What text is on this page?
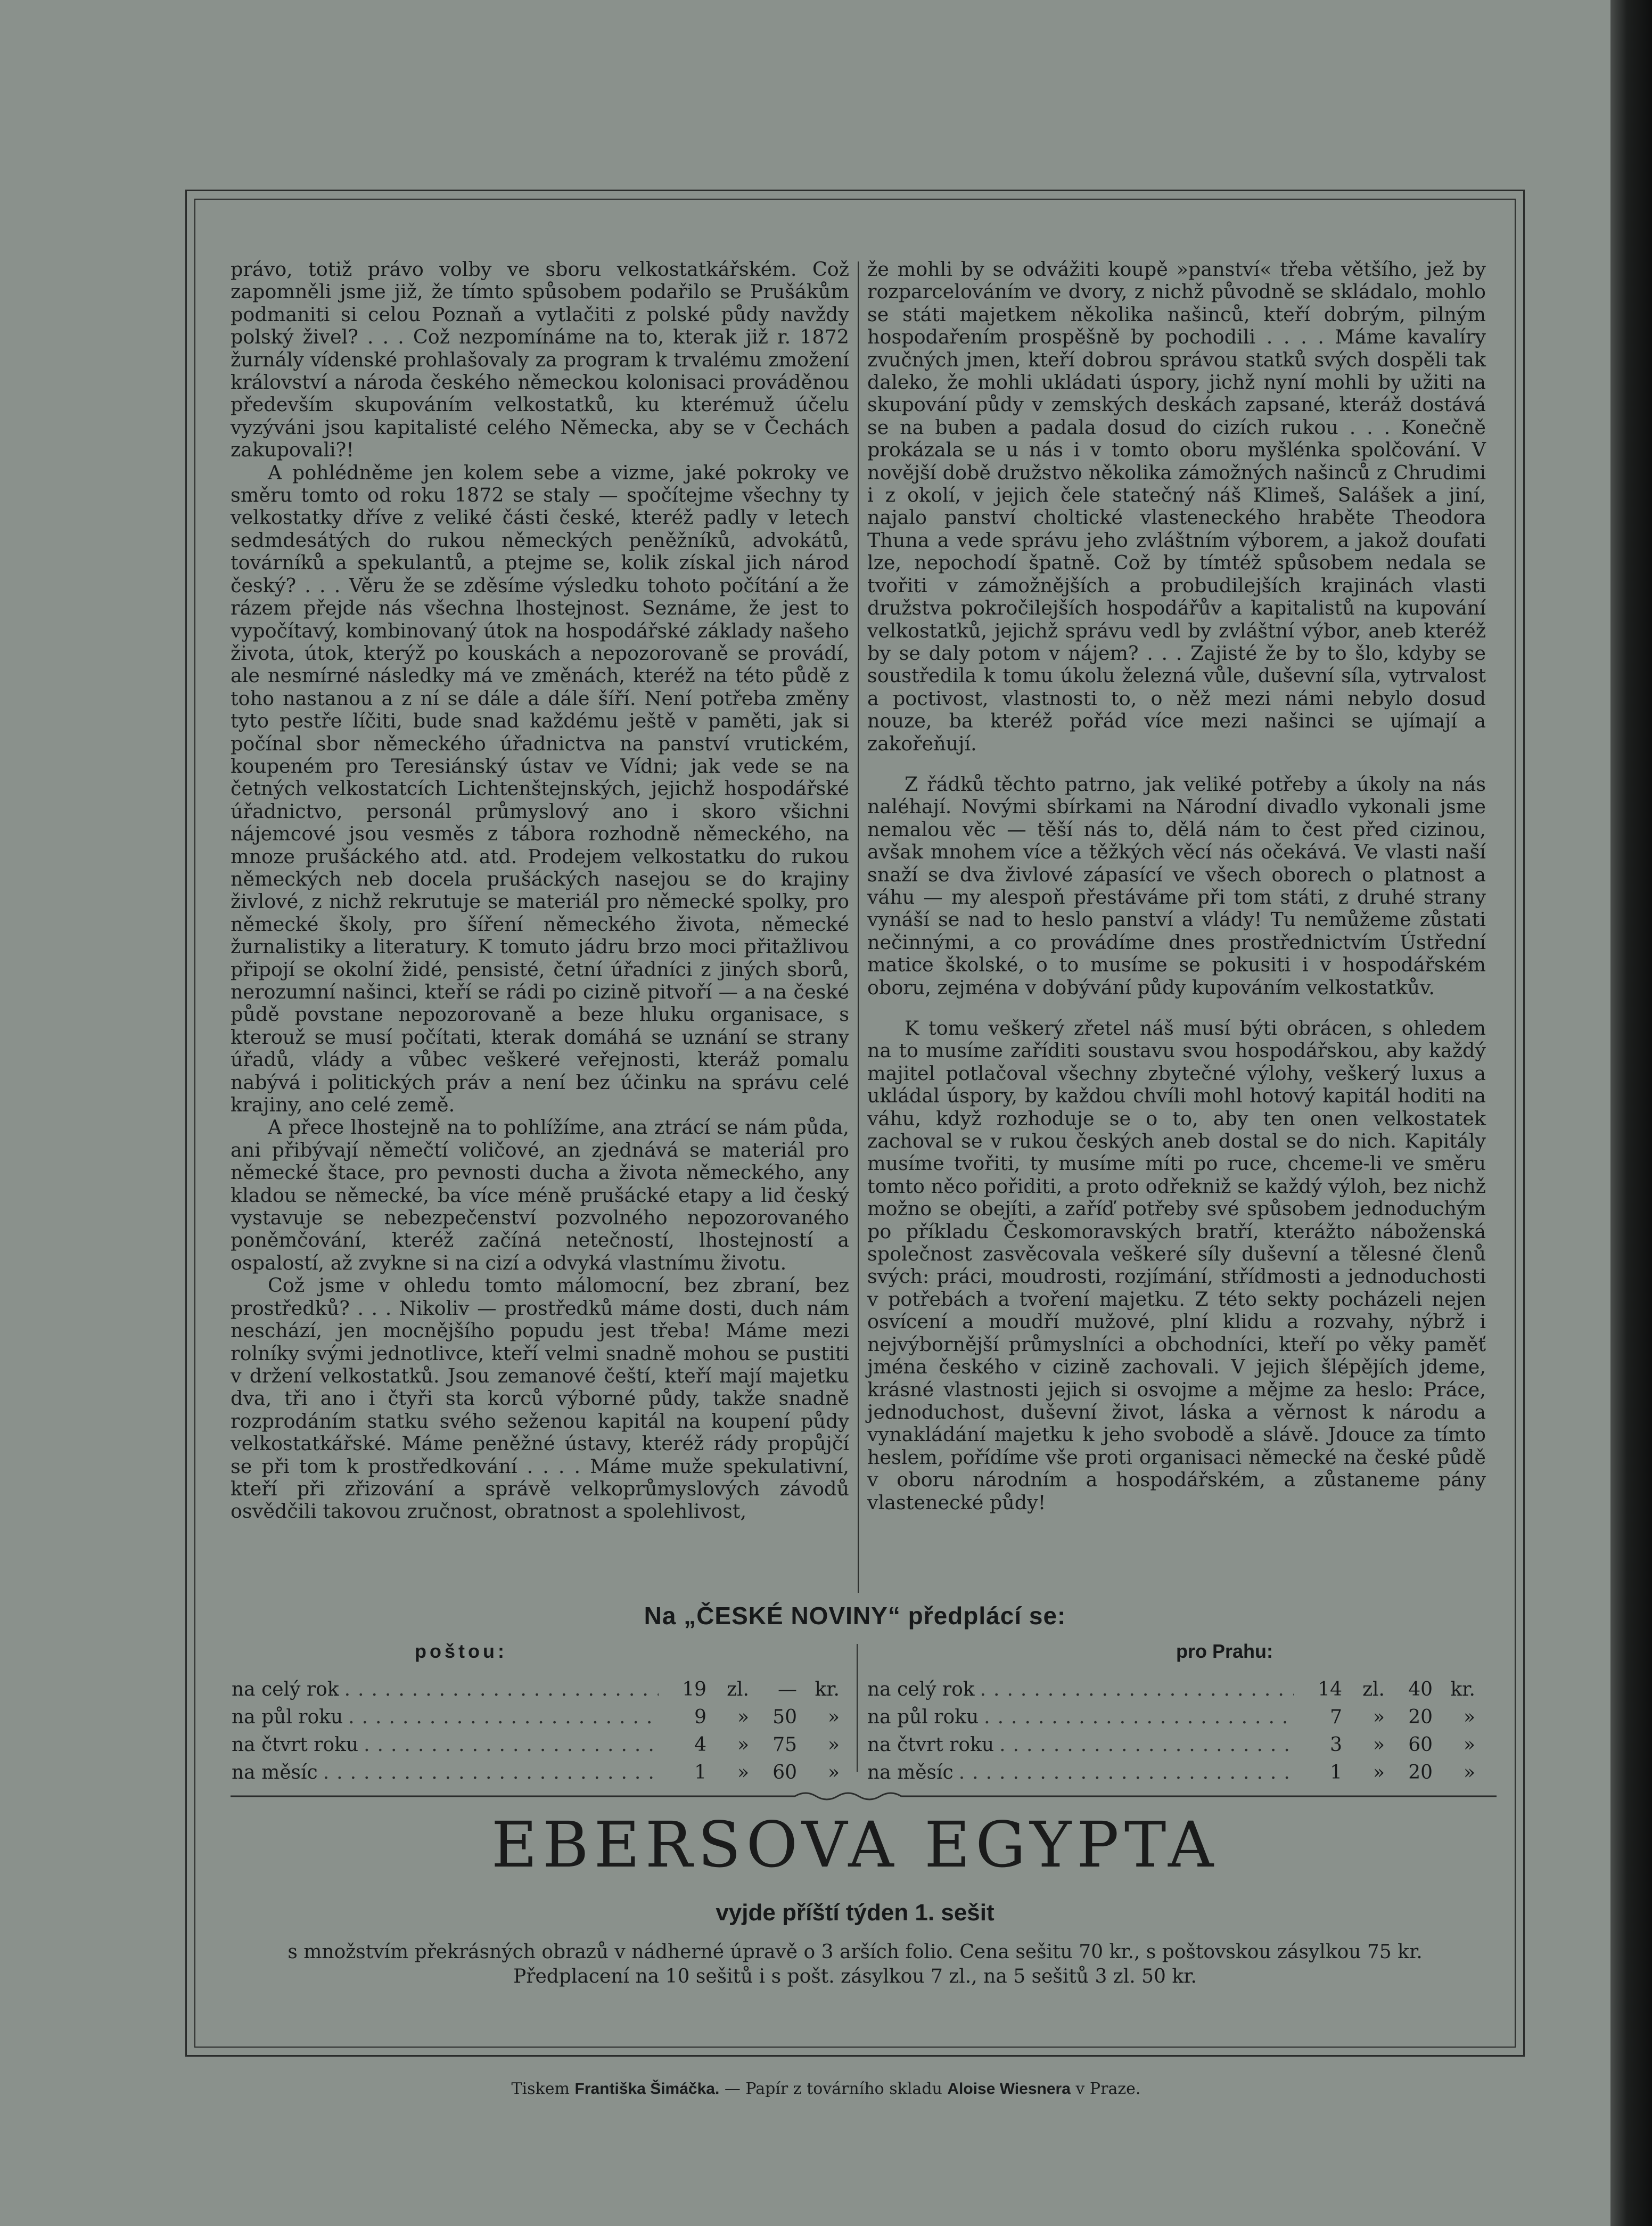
právo, totiž právo volby ve sboru velkostatkářském. Což zapomněli jsme již, že tímto spůsobem podařilo se Prušákům podmaniti si celou Poznaň a vytlačiti z polské půdy navždy polský živel? . . . Což nezpomínáme na to, kterak již r. 1872 žurnály vídenské prohlašovaly za program k trvalému zmožení království a národa českého německou kolonisaci prováděnou především skupováním velkostatků, ku kterémuž účelu vyzýváni jsou kapitalisté celého Německa, aby se v Čechách zakupovali?!

A pohlédněme jen kolem sebe a vizme, jaké pokroky ve směru tomto od roku 1872 se staly — spočítejme všechny ty velkostatky dříve z veliké části české, kteréž padly v letech sedmdesátých do rukou německých peněžníků, advokátů, továrníků a spekulantů, a ptejme se, kolik získal jich národ český? . . . Věru že se zděsíme výsledku tohoto počítání a že rázem přejde nás všechna lhostejnost. Seznáme, že jest to vypočítavý, kombinovaný útok na hospodářské základy našeho života, útok, kterýž po kouskách a nepozorovaně se provádí, ale nesmírné následky má ve změnách, kteréž na této půdě z toho nastanou a z ní se dále a dále šíří. Není potřeba změny tyto pestře líčiti, bude snad každému ještě v paměti, jak si počínal sbor německého úřadnictva na panství vrutickém, koupeném pro Teresiánský ústav ve Vídni; jak vede se na četných velkostatcích Lichtenštejnských, jejichž hospodářské úřadnictvo, personál průmyslový ano i skoro všichni nájemcové jsou vesměs z tábora rozhodně německého, na mnoze prušáckého atd. atd. Prodejem velkostatku do rukou německých neb docela prušáckých nasejou se do krajiny živlové, z nichž rekrutuje se materiál pro německé spolky, pro německé školy, pro šíření německého života, německé žurnalistiky a literatury. K tomuto jádru brzo moci přitažlivou připojí se okolní židé, pensisté, četní úřadníci z jiných sborů, nerozumní našinci, kteří se rádi po cizině pitvoří — a na české půdě povstane nepozorovaně a beze hluku organisace, s kterouž se musí počítati, kterak domáhá se uznání se strany úřadů, vlády a vůbec veškeré veřejnosti, kteráž pomalu nabývá i politických práv a není bez účinku na správu celé krajiny, ano celé země.

A přece lhostejně na to pohlížíme, ana ztrácí se nám půda, ani přibývají němečtí voličové, an zjednává se materiál pro německé štace, pro pevnosti ducha a života německého, any kladou se německé, ba více méně prušácké etapy a lid český vystavuje se nebezpečenství pozvolného nepozorovaného poněmčování, kteréž začíná netečností, lhostejností a ospalostí, až zvykne si na cizí a odvyká vlastnímu životu.

Což jsme v ohledu tomto málomocní, bez zbraní, bez prostředků? . . . Nikoliv — prostředků máme dosti, duch nám neschází, jen mocnějšího popudu jest třeba! Máme mezi rolníky svými jednotlivce, kteří velmi snadně mohou se pustiti v držení velkostatků. Jsou zemanové čeští, kteří mají majetku dva, tři ano i čtyři sta korců výborné půdy, takže snadně rozprodáním statku svého seženou kapitál na koupení půdy velkostatkářské. Máme peněžné ústavy, kteréž rády propůjčí se při tom k prostředkování . . . . Máme muže spekulativní, kteří při zřizování a správě velkoprůmyslových závodů osvědčili takovou zručnost, obratnost a spolehlivost,

že mohli by se odvážiti koupě »panství« třeba většího, jež by rozparcelováním ve dvory, z nichž původně se skládalo, mohlo se státi majetkem několika našinců, kteří dobrým, pilným hospodařením prospěšně by pochodili . . . . Máme kavalíry zvučných jmen, kteří dobrou správou statků svých dospěli tak daleko, že mohli ukládati úspory, jichž nyní mohli by užiti na skupování půdy v zemských deskách zapsané, kteráž dostává se na buben a padala dosud do cizích rukou . . . Konečně prokázala se u nás i v tomto oboru myšlénka spolčování. V novější době družstvo několika zámožných našinců z Chrudimi i z okolí, v jejich čele statečný náš Klimeš, Salášek a jiní, najalo panství choltické vlasteneckého hraběte Theodora Thuna a vede správu jeho zvláštním výborem, a jakož doufati lze, nepochodí špatně. Což by tímtéž spůsobem nedala se tvořiti v zámožnějších a probudilejších krajinách vlasti družstva pokročilejších hospodářův a kapitalistů na kupování velkostatků, jejichž správu vedl by zvláštní výbor, aneb kteréž by se daly potom v nájem? . . . Zajisté že by to šlo, kdyby se soustředila k tomu úkolu železná vůle, duševní síla, vytrvalost a poctivost, vlastnosti to, o něž mezi námi nebylo dosud nouze, ba kteréž pořád více mezi našinci se ujímají a zakořeňují.

Z řádků těchto patrno, jak veliké potřeby a úkoly na nás naléhají. Novými sbírkami na Národní divadlo vykonali jsme nemalou věc — těší nás to, dělá nám to čest před cizinou, avšak mnohem více a těžkých věcí nás očekává. Ve vlasti naší snaží se dva živlové zápasící ve všech oborech o platnost a váhu — my alespoň přestáváme při tom státi, z druhé strany vynáší se nad to heslo panství a vlády! Tu nemůžeme zůstati nečinnými, a co provádíme dnes prostřednictvím Ústřední matice školské, o to musíme se pokusiti i v hospodářském oboru, zejména v dobývání půdy kupováním velkostatkův.

K tomu veškerý zřetel náš musí býti obrácen, s ohledem na to musíme zaříditi soustavu svou hospodářskou, aby každý majitel potlačoval všechny zbytečné výlohy, veškerý luxus a ukládal úspory, by každou chvíli mohl hotový kapitál hoditi na váhu, když rozhoduje se o to, aby ten onen velkostatek zachoval se v rukou českých aneb dostal se do nich. Kapitály musíme tvořiti, ty musíme míti po ruce, chceme-li ve směru tomto něco pořiditi, a proto odřekniž se každý výloh, bez nichž možno se obejíti, a zaříď potřeby své spůsobem jednoduchým po příkladu Českomoravských bratří, kterážto náboženská společnost zasvěcovala veškeré síly duševní a tělesné členů svých: práci, moudrosti, rozjímání, střídmosti a jednoduchosti v potřebách a tvoření majetku. Z této sekty pocházeli nejen osvícení a moudří mužové, plní klidu a rozvahy, nýbrž i nejvýbornější průmyslníci a obchodníci, kteří po věky paměť jména českého v cizině zachovali. V jejich šlépějích jdeme, krásné vlastnosti jejich si osvojme a mějme za heslo: Práce, jednoduchost, duševní život, láska a věrnost k národu a vynakládání majetku k jeho svobodě a slávě. Jdouce za tímto heslem, pořídíme vše proti organisaci německé na české půdě v oboru národním a hospodářském, a zůstaneme pány vlastenecké půdy!

Na „ČESKÉ NOVINY“ předplácí se:
poštou:
na celý rok .....	19	zl.	— kr.
na půl roku .....	9	»	50	»
na čtvrt roku .....	4	»	75	»
na měsíc .....	1	»	60	»
pro Prahu:
na celý rok .....	14	zl.	40 kr.
na půl roku .....	7	»	20	»
na čtvrt roku .....	3	»	60	»
na měsíc .....	1	»	20	»
EBERSOVA EGYPTA
vyjde příští týden 1. sešit
s množstvím překrásných obrazů v nádherné úpravě o 3 arších folio. Cena sešitu 70 kr., s poštovskou zásylkou 75 kr.
Předplacení na 10 sešitů i s pošt. zásylkou 7 zl., na 5 sešitů 3 zl. 50 kr.
Tiskem Františka Šimáčka. — Papír z továrního skladu Aloise Wiesnera v Praze.
